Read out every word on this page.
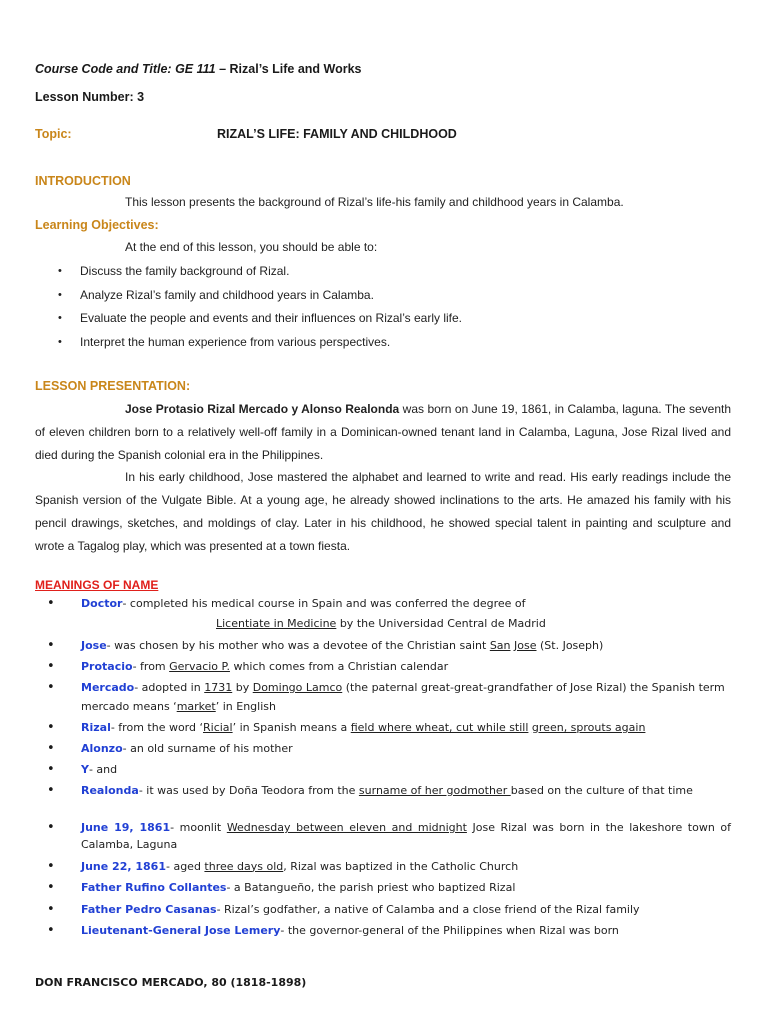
Course Code and Title: GE 111 – Rizal’s Life and Works
Lesson Number: 3
Topic:	RIZAL’S LIFE: FAMILY AND CHILDHOOD
INTRODUCTION
This lesson presents the background of Rizal’s life-his family and childhood years in Calamba.
Learning Objectives:
At the end of this lesson, you should be able to:
• Discuss the family background of Rizal.
• Analyze Rizal’s family and childhood years in Calamba.
• Evaluate the people and events and their influences on Rizal’s early life.
• Interpret the human experience from various perspectives.
LESSON PRESENTATION:

Jose Protasio Rizal Mercado y Alonso Realonda was born on June 19, 1861, in Calamba, laguna. The seventh of eleven children born to a relatively well-off family in a Dominican-owned tenant land in Calamba, Laguna, Jose Rizal lived and died during the Spanish colonial era in the Philippines.

In his early childhood, Jose mastered the alphabet and learned to write and read. His early readings include the Spanish version of the Vulgate Bible. At a young age, he already showed inclinations to the arts. He amazed his family with his pencil drawings, sketches, and moldings of clay. Later in his childhood, he showed special talent in painting and sculpture and wrote a Tagalog play, which was presented at a town fiesta.

MEANINGS OF NAME
• Doctor- completed his medical course in Spain and was conferred the degree of
Licentiate in Medicine by the Universidad Central de Madrid
• Jose- was chosen by his mother who was a devotee of the Christian saint San Jose (St. Joseph)
• Protacio- from Gervacio P. which comes from a Christian calendar
• Mercado- adopted in 1731 by Domingo Lamco (the paternal great-great-grandfather of Jose Rizal) the Spanish term mercado means ‘market’ in English
• Rizal- from the word ‘Ricial’ in Spanish means a field where wheat, cut while still green, sprouts again
• Alonzo- an old surname of his mother
• Y- and
• Realonda- it was used by Doña Teodora from the surname of her godmother based on the culture of that time
• June 19, 1861- moonlit Wednesday between eleven and midnight Jose Rizal was born in the lakeshore town of Calamba, Laguna
• June 22, 1861- aged three days old, Rizal was baptized in the Catholic Church
• Father Rufino Collantes- a Batangueño, the parish priest who baptized Rizal
• Father Pedro Casanas- Rizal’s godfather, a native of Calamba and a close friend of the Rizal family
• Lieutenant-General Jose Lemery- the governor-general of the Philippines when Rizal was born
DON FRANCISCO MERCADO, 80 (1818-1898)
